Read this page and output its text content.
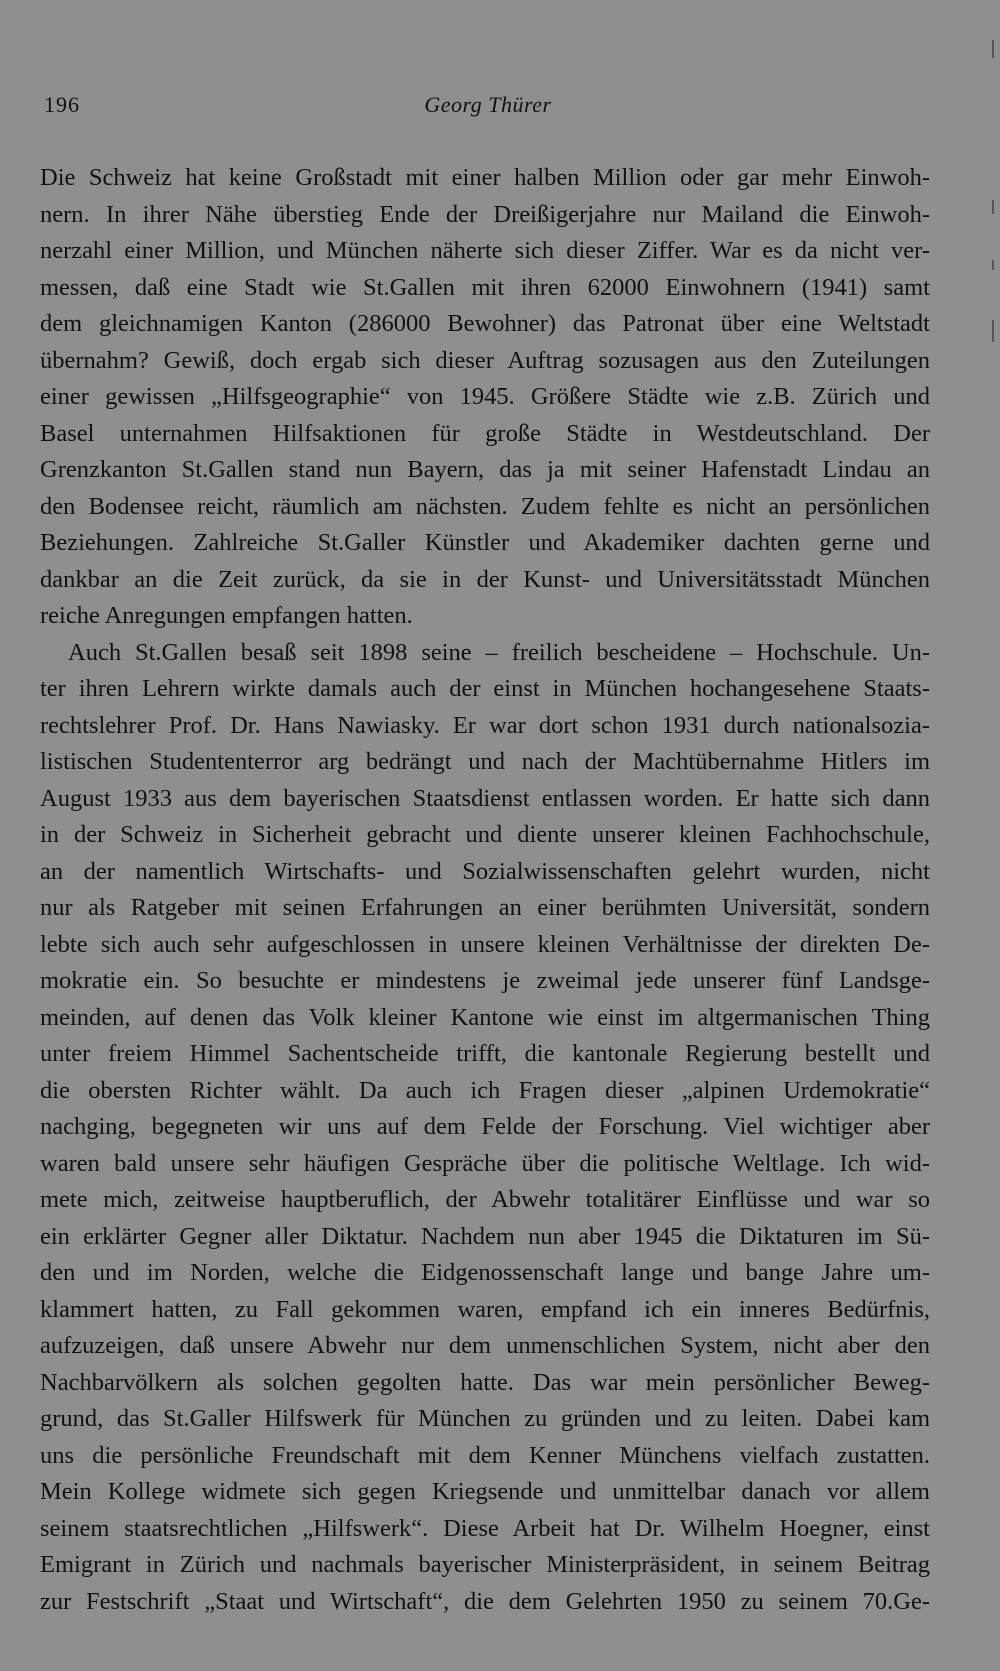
196	Georg Thürer
Die Schweiz hat keine Großstadt mit einer halben Million oder gar mehr Einwoh-
nern. In ihrer Nähe überstieg Ende der Dreißigerjahre nur Mailand die Einwoh-
nerzahl einer Million, und München näherte sich dieser Ziffer. War es da nicht ver-
messen, daß eine Stadt wie St.Gallen mit ihren 62000 Einwohnern (1941) samt
dem gleichnamigen Kanton (286000 Bewohner) das Patronat über eine Weltstadt
übernahm? Gewiß, doch ergab sich dieser Auftrag sozusagen aus den Zuteilungen
einer gewissen „Hilfsgeographie“ von 1945. Größere Städte wie z.B. Zürich und
Basel unternahmen Hilfsaktionen für große Städte in Westdeutschland. Der
Grenzkanton St.Gallen stand nun Bayern, das ja mit seiner Hafenstadt Lindau an
den Bodensee reicht, räumlich am nächsten. Zudem fehlte es nicht an persönlichen
Beziehungen. Zahlreiche St.Galler Künstler und Akademiker dachten gerne und
dankbar an die Zeit zurück, da sie in der Kunst- und Universitätsstadt München
reiche Anregungen empfangen hatten.
Auch St.Gallen besaß seit 1898 seine – freilich bescheidene – Hochschule. Un-
ter ihren Lehrern wirkte damals auch der einst in München hochangesehene Staats-
rechtslehrer Prof. Dr. Hans Nawiasky. Er war dort schon 1931 durch nationalsozia-
listischen Studententerror arg bedrängt und nach der Machtübernahme Hitlers im
August 1933 aus dem bayerischen Staatsdienst entlassen worden. Er hatte sich dann
in der Schweiz in Sicherheit gebracht und diente unserer kleinen Fachhochschule,
an der namentlich Wirtschafts- und Sozialwissenschaften gelehrt wurden, nicht
nur als Ratgeber mit seinen Erfahrungen an einer berühmten Universität, sondern
lebte sich auch sehr aufgeschlossen in unsere kleinen Verhältnisse der direkten De-
mokratie ein. So besuchte er mindestens je zweimal jede unserer fünf Landsge-
meinden, auf denen das Volk kleiner Kantone wie einst im altgermanischen Thing
unter freiem Himmel Sachentscheide trifft, die kantonale Regierung bestellt und
die obersten Richter wählt. Da auch ich Fragen dieser „alpinen Urdemokratie“
nachging, begegneten wir uns auf dem Felde der Forschung. Viel wichtiger aber
waren bald unsere sehr häufigen Gespräche über die politische Weltlage. Ich wid-
mete mich, zeitweise hauptberuflich, der Abwehr totalitärer Einflüsse und war so
ein erklärter Gegner aller Diktatur. Nachdem nun aber 1945 die Diktaturen im Sü-
den und im Norden, welche die Eidgenossenschaft lange und bange Jahre um-
klammert hatten, zu Fall gekommen waren, empfand ich ein inneres Bedürfnis,
aufzuzeigen, daß unsere Abwehr nur dem unmenschlichen System, nicht aber den
Nachbarvölkern als solchen gegolten hatte. Das war mein persönlicher Beweg-
grund, das St.Galler Hilfswerk für München zu gründen und zu leiten. Dabei kam
uns die persönliche Freundschaft mit dem Kenner Münchens vielfach zustatten.
Mein Kollege widmete sich gegen Kriegsende und unmittelbar danach vor allem
seinem staatsrechtlichen „Hilfswerk“. Diese Arbeit hat Dr. Wilhelm Hoegner, einst
Emigrant in Zürich und nachmals bayerischer Ministerpräsident, in seinem Beitrag
zur Festschrift „Staat und Wirtschaft“, die dem Gelehrten 1950 zu seinem 70.Ge-
